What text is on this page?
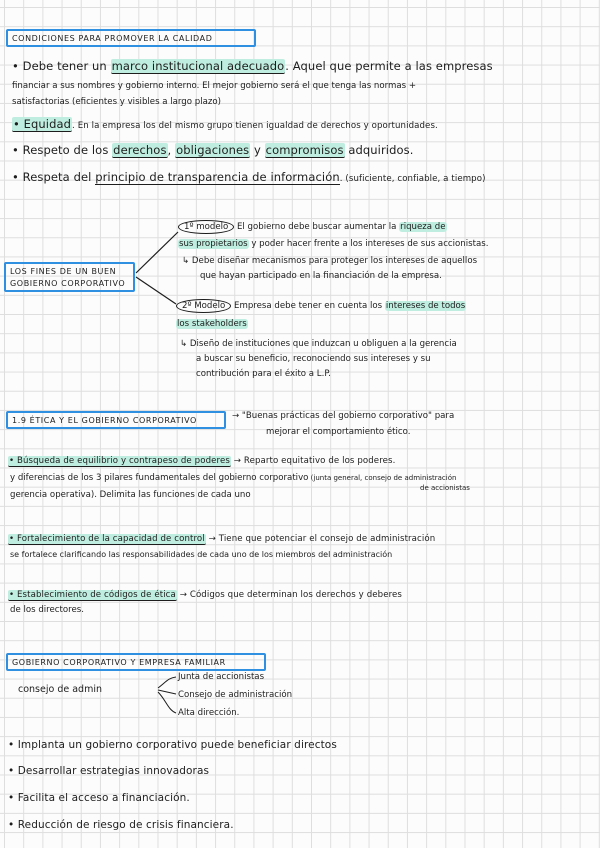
CONDICIONES PARA PROMOVER LA CALIDAD
• Debe tener un marco institucional adecuado. Aquel que permite a las empresas
financiar a sus nombres y gobierno interno. El mejor gobierno será el que tenga las normas +
satisfactorias (eficientes y visibles a largo plazo)
• Equidad. En la empresa los del mismo grupo tienen igualdad de derechos y oportunidades.
• Respeto de los derechos, obligaciones y compromisos adquiridos.
• Respeta del principio de transparencia de información. (suficiente, confiable, a tiempo)
LOS FINES DE UN BUEN
GOBIERNO CORPORATIVO
1º modelo El gobierno debe buscar aumentar la riqueza de
sus propietarios y poder hacer frente a los intereses de sus accionistas.
↳ Debe diseñar mecanismos para proteger los intereses de aquellos
que hayan participado en la financiación de la empresa.
2º Modelo Empresa debe tener en cuenta los intereses de todos
los stakeholders
↳ Diseño de instituciones que induzcan u obliguen a la gerencia
a buscar su beneficio, reconociendo sus intereses y su
contribución para el éxito a L.P.
1.9 ÉTICA Y EL GOBIERNO CORPORATIVO	→ "Buenas prácticas del gobierno corporativo" para
mejorar el comportamiento ético.
• Búsqueda de equilibrio y contrapeso de poderes → Reparto equitativo de los poderes.
y diferencias de los 3 pilares fundamentales del gobierno corporativo (junta general, consejo de administración
de accionistas
gerencia operativa). Delimita las funciones de cada uno
• Fortalecimiento de la capacidad de control → Tiene que potenciar el consejo de administración
se fortalece clarificando las responsabilidades de cada uno de los miembros del administración
• Establecimiento de códigos de ética → Códigos que determinan los derechos y deberes
de los directores.
GOBIERNO CORPORATIVO Y EMPRESA FAMILIAR
consejo de admin
Junta de accionistas
Consejo de administración
Alta dirección.
• Implanta un gobierno corporativo puede beneficiar directos
• Desarrollar estrategias innovadoras
• Facilita el acceso a financiación.
• Reducción de riesgo de crisis financiera.
